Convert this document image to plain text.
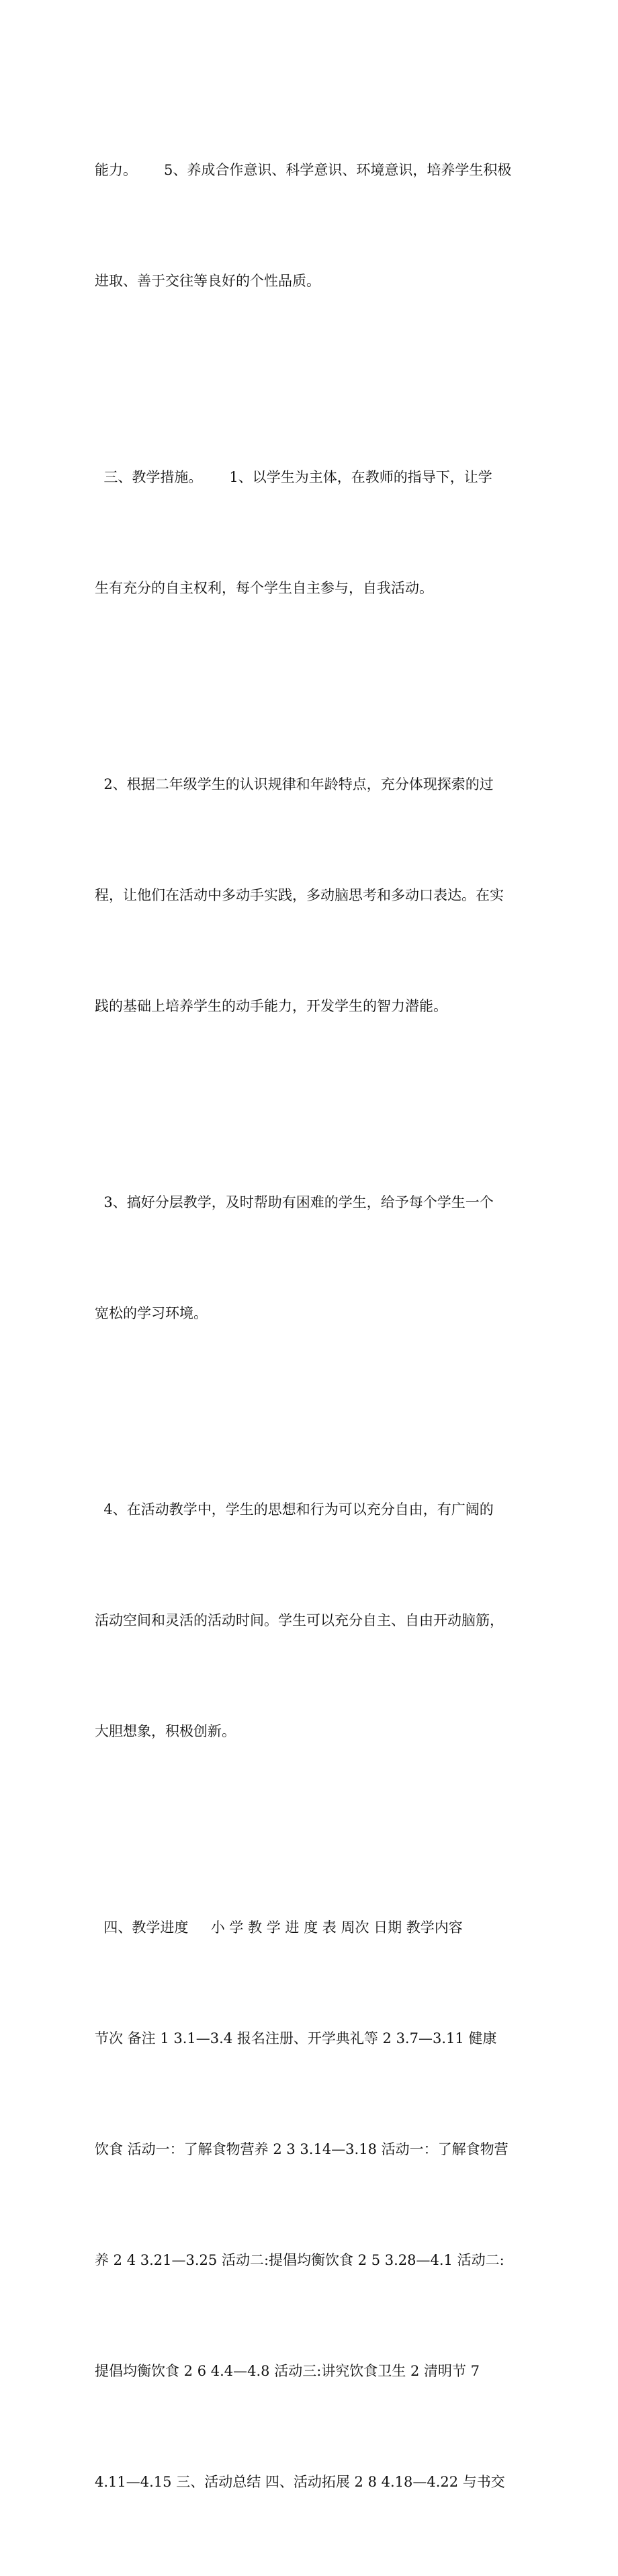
能力。      5、养成合作意识、科学意识、环境意识，培养学生积极

进取、善于交往等良好的个性品质。

三、教学措施。      1、以学生为主体，在教师的指导下，让学

生有充分的自主权利，每个学生自主参与，自我活动。

2、根据二年级学生的认识规律和年龄特点，充分体现探索的过

程，让他们在活动中多动手实践，多动脑思考和多动口表达。在实

践的基础上培养学生的动手能力，开发学生的智力潜能。

3、搞好分层教学，及时帮助有困难的学生，给予每个学生一个

宽松的学习环境。

4、在活动教学中，学生的思想和行为可以充分自由，有广阔的

活动空间和灵活的活动时间。学生可以充分自主、自由开动脑筋，

大胆想象，积极创新。

四、教学进度     小 学 教 学 进 度 表 周次 日期 教学内容

节次 备注 1 3.1—3.4 报名注册、开学典礼等 2 3.7—3.11 健康

饮食 活动一：了解食物营养 2 3 3.14—3.18 活动一：了解食物营

养 2 4 3.21—3.25 活动二:提倡均衡饮食 2 5 3.28—4.1 活动二:

提倡均衡饮食 2 6 4.4—4.8 活动三:讲究饮食卫生 2 清明节 7

4.11—4.15 三、活动总结 四、活动拓展 2 8 4.18—4.22 与书交
